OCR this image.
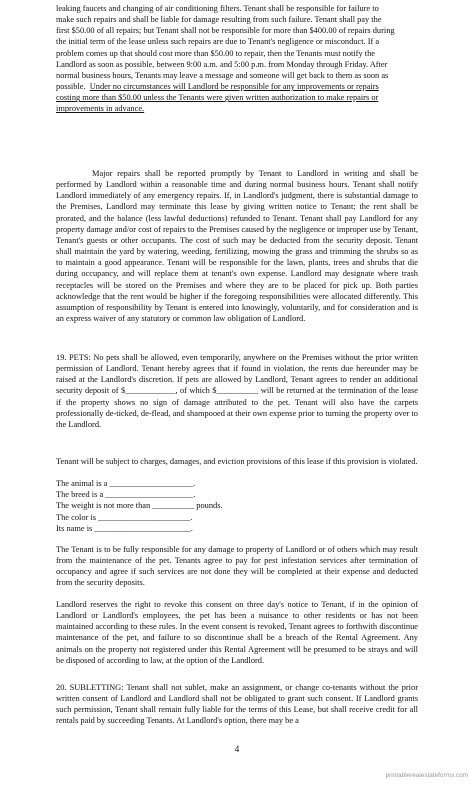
leaking faucets and changing of air conditioning filters. Tenant shall be responsible for failure to

make such repairs and shall be liable for damage resulting from such failure. Tenant shall pay the

first $50.00 of all repairs; but Tenant shall not be responsible for more than $400.00 of repairs during

the initial term of the lease unless such repairs are due to Tenant's negligence or misconduct. If a

problem comes up that should cost more than $50.00 to repair, then the Tenants must notify the

Landlord as soon as possible, between 9:00 a.m. and 5:00 p.m. from Monday through Friday. After

normal business hours, Tenants may leave a message and someone will get back to them as soon as

possible. Under no circumstances will Landlord be responsible for any improvements or repairs

costing more than $50.00 unless the Tenants were given written authorization to make repairs or

improvements in advance.

Major repairs shall be reported promptly by Tenant to Landlord in writing and shall be performed by Landlord within a reasonable time and during normal business hours. Tenant shall notify Landlord immediately of any emergency repairs. If, in Landlord's judgment, there is substantial damage to the Premises, Landlord may terminate this lease by giving written notice to Tenant; the rent shall be prorated, and the balance (less lawful deductions) refunded to Tenant. Tenant shall pay Landlord for any property damage and/or cost of repairs to the Premises caused by the negligence or improper use by Tenant, Tenant's guests or other occupants. The cost of such may be deducted from the security deposit. Tenant shall maintain the yard by watering, weeding, fertilizing, mowing the grass and trimming the shrubs so as to maintain a good appearance. Tenant will be responsible for the lawn, plants, trees and shrubs that die during occupancy, and will replace them at tenant's own expense. Landlord may designate where trash receptacles will be stored on the Premises and where they are to be placed for pick up. Both parties acknowledge that the rent would be higher if the foregoing responsibilities were allocated differently. This assumption of responsibility by Tenant is entered into knowingly, voluntarily, and for consideration and is an express waiver of any statutory or common law obligation of Landlord.

19. PETS: No pets shall be allowed, even temporarily, anywhere on the Premises without the prior written permission of Landlord. Tenant hereby agrees that if found in violation, the rents due hereunder may be raised at the Landlord's discretion. If pets are allowed by Landlord, Tenant agrees to render an additional security deposit of $____________, of which $__________ will be returned at the termination of the lease if the property shows no sign of damage attributed to the pet. Tenant will also have the carpets professionally de-ticked, de-flead, and shampooed at their own expense prior to turning the property over to the Landlord.

Tenant will be subject to charges, damages, and eviction provisions of this lease if this provision is violated.

The animal is a ____________________.
The breed is a _____________________.
The weight is not more than __________ pounds.
The color is ______________________.
Its name is _______________________.

The Tenant is to be fully responsible for any damage to property of Landlord or of others which may result from the maintenance of the pet. Tenants agree to pay for pest infestation services after termination of occupancy and agree if such services are not done they will be completed at their expense and deducted from the security deposits.

Landlord reserves the right to revoke this consent on three day's notice to Tenant, if in the opinion of Landlord or Landlord's employees, the pet has been a nuisance to other residents or has not been maintained according to these rules. In the event consent is revoked, Tenant agrees to forthwith discontinue maintenance of the pet, and failure to so discontinue shall be a breach of the Rental Agreement. Any animals on the property not registered under this Rental Agreement will be presumed to be strays and will be disposed of according to law, at the option of the Landlord.

20. SUBLETTING: Tenant shall not sublet, make an assignment, or change co-tenants without the prior written consent of Landlord and Landlord shall not be obligated to grant such consent. If Landlord grants such permission, Tenant shall remain fully liable for the terms of this Lease, but shall receive credit for all rentals paid by succeeding Tenants. At Landlord's option, there may be a

4
printablerealestateforms.com
